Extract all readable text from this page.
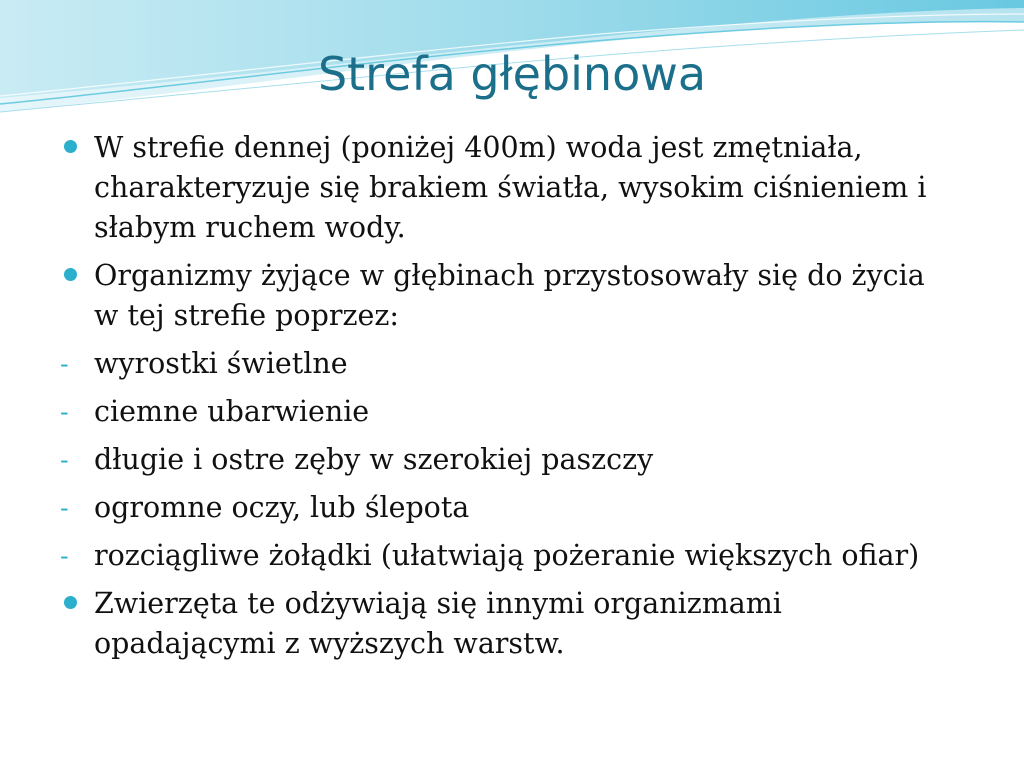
Strefa głębinowa
W strefie dennej (poniżej 400m) woda jest zmętniała, charakteryzuje się brakiem światła, wysokim ciśnieniem i słabym ruchem wody.
Organizmy żyjące w głębinach przystosowały się do życia w tej strefie poprzez:
- wyrostki świetlne
- ciemne ubarwienie
- długie i ostre zęby w szerokiej paszczy
- ogromne oczy, lub ślepota
- rozciągliwe żołądki (ułatwiają pożeranie większych ofiar)
Zwierzęta te odżywiają się innymi organizmami opadającymi z wyższych warstw.
